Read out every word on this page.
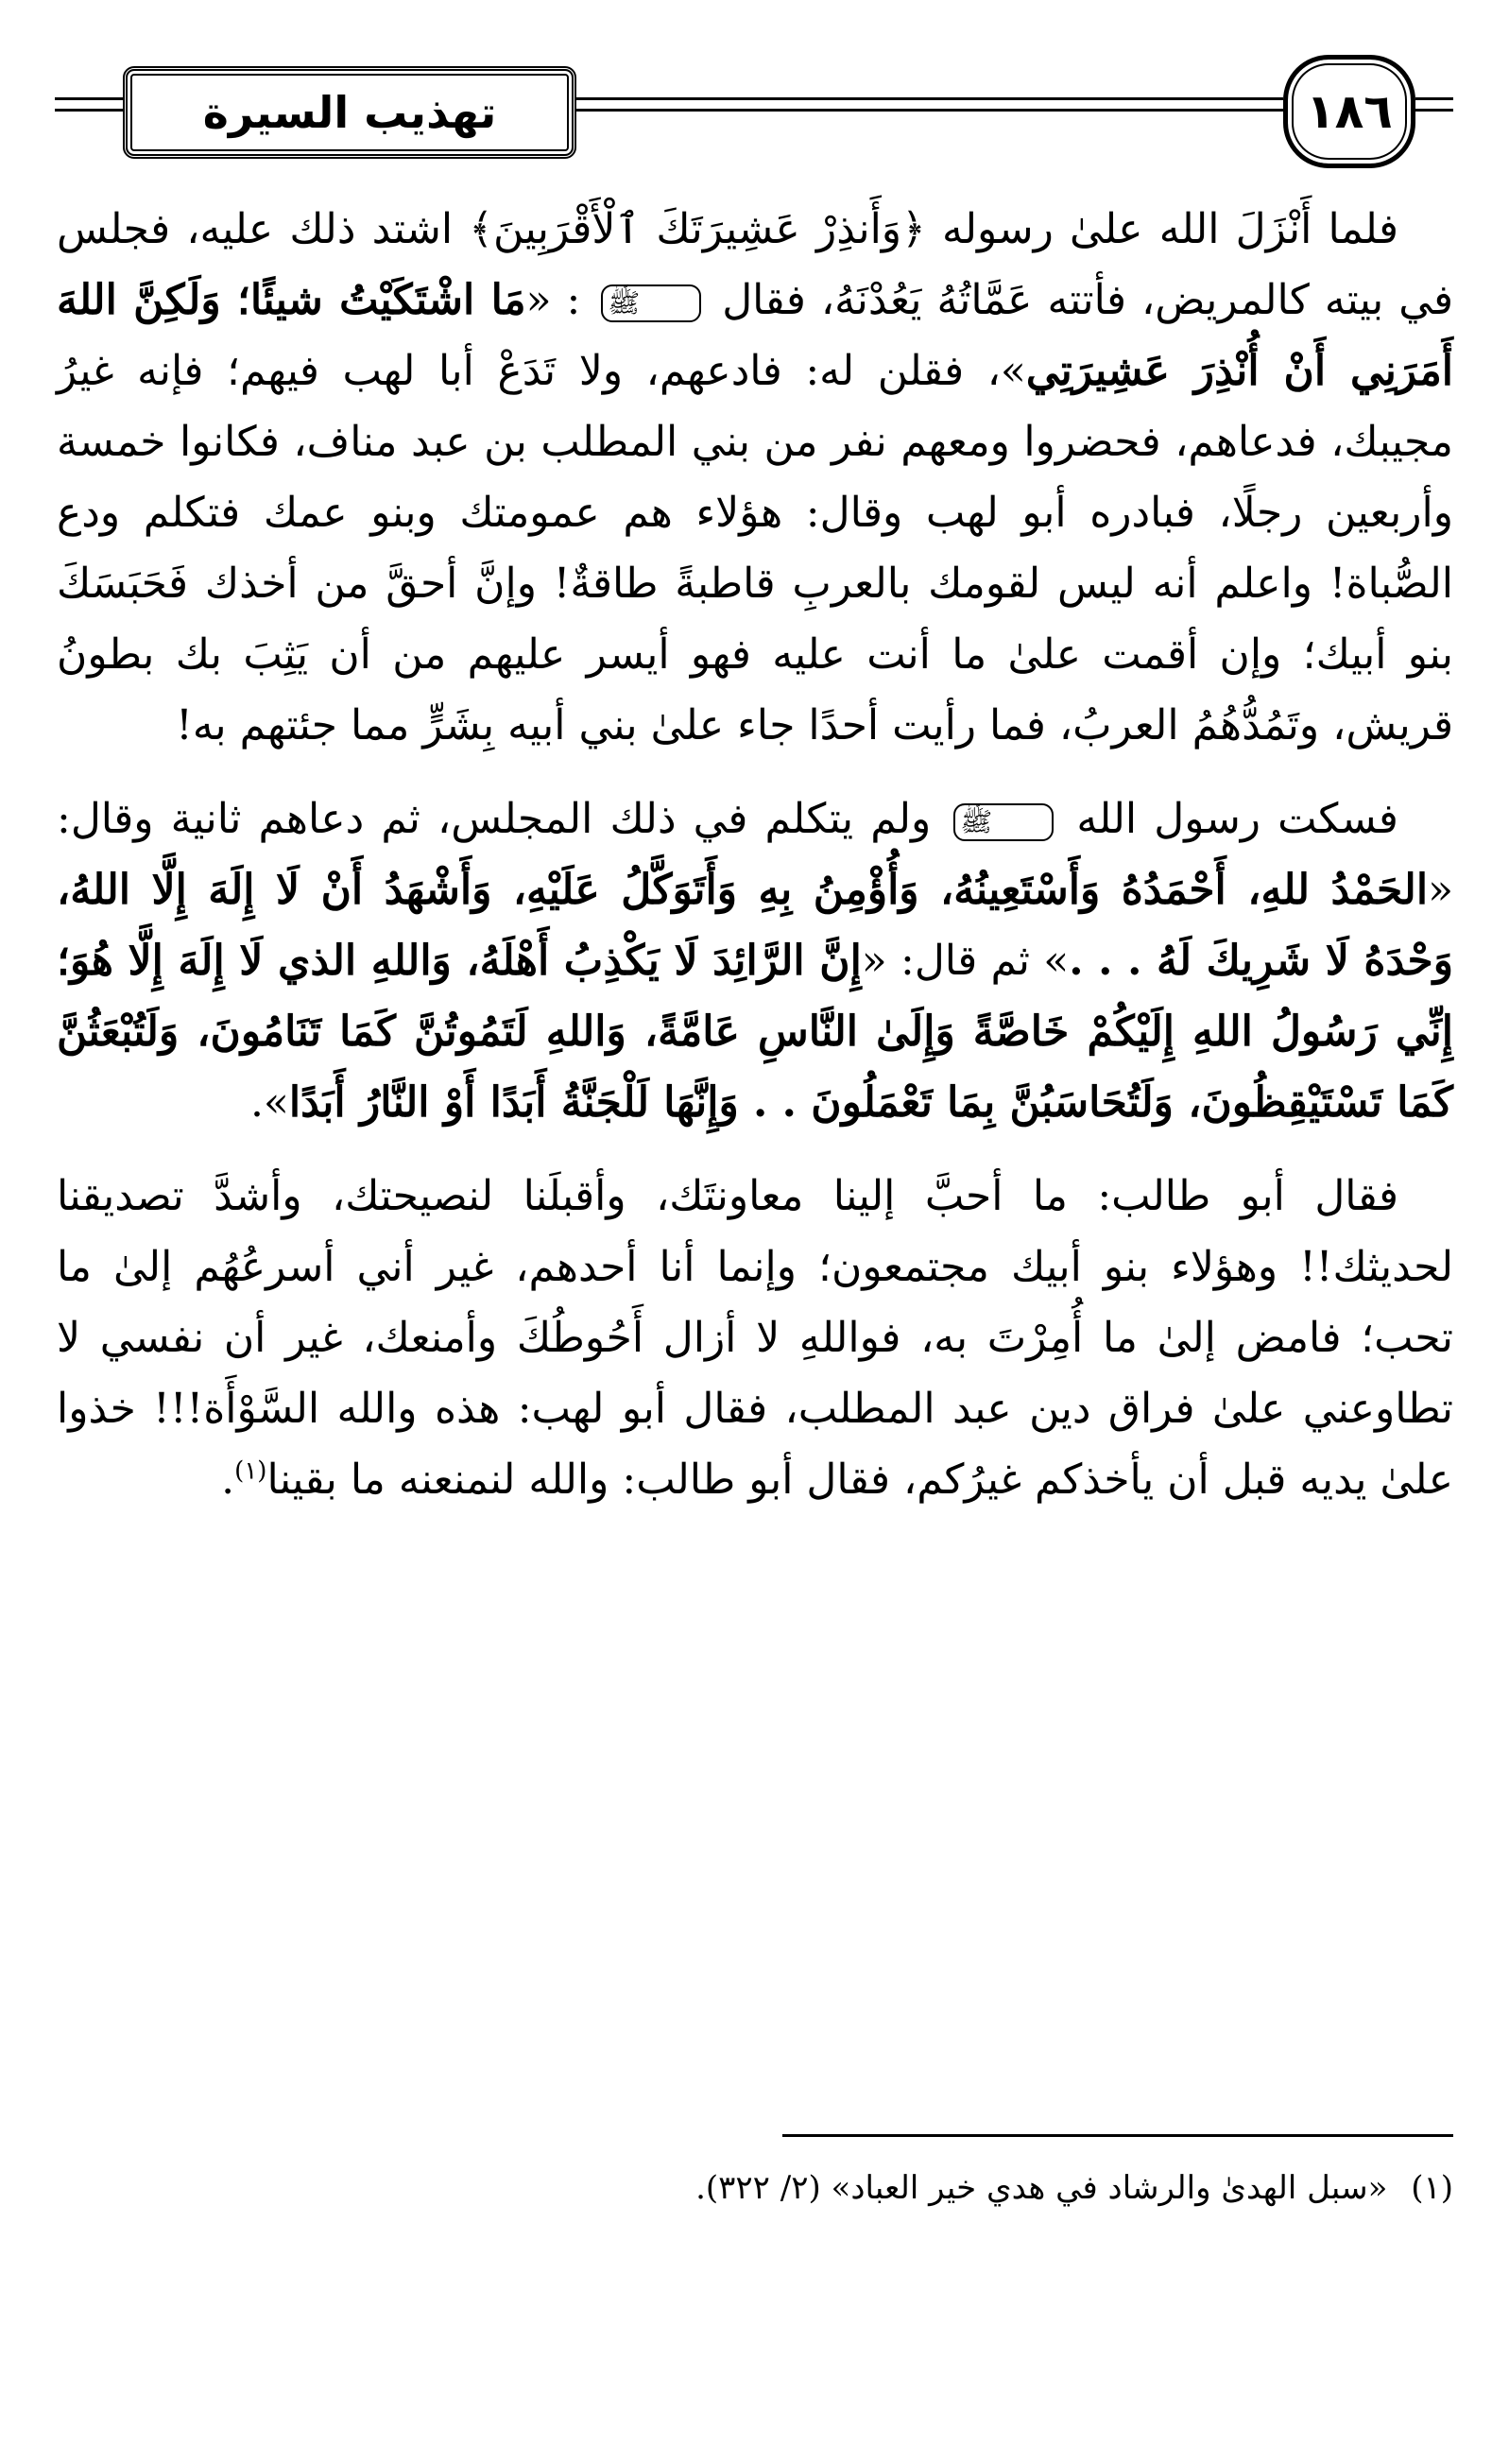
تهذيب السيرة	١٨٦

فلما أَنْزَلَ الله علىٰ رسوله ﴿وَأَنذِرْ عَشِيرَتَكَ ٱلْأَقْرَبِينَ﴾ اشتد ذلك عليه، فجلس في بيته كالمريض، فأتته عَمَّاتُهُ يَعُدْنَهُ، فقال ﷺ : «مَا اشْتَكَيْتُ شيئًا؛ وَلَكِنَّ اللهَ أَمَرَنِي أَنْ أُنْذِرَ عَشِيرَتِي»، فقلن له: فادعهم، ولا تَدَعْ أبا لهب فيهم؛ فإنه غيرُ مجيبك، فدعاهم، فحضروا ومعهم نفر من بني المطلب بن عبد مناف، فكانوا خمسة وأربعين رجلًا، فبادره أبو لهب وقال: هؤلاء هم عمومتك وبنو عمك فتكلم ودع الصُّباة! واعلم أنه ليس لقومك بالعربِ قاطبةً طاقةٌ! وإنَّ أحقَّ من أخذك فَحَبَسَكَ بنو أبيك؛ وإن أقمت علىٰ ما أنت عليه فهو أيسر عليهم من أن يَثِبَ بك بطونُ قريش، وتَمُدُّهُمُ العربُ، فما رأيت أحدًا جاء علىٰ بني أبيه بِشَرٍّ مما جئتهم به!

فسكت رسول الله ﷺ ولم يتكلم في ذلك المجلس، ثم دعاهم ثانية وقال: «الحَمْدُ للهِ، أَحْمَدُهُ وَأَسْتَعِينُهُ، وَأُؤْمِنُ بِهِ وَأَتَوَكَّلُ عَلَيْهِ، وَأَشْهَدُ أَنْ لَا إِلَهَ إِلَّا اللهُ، وَحْدَهُ لَا شَرِيكَ لَهُ . . .» ثم قال: «إِنَّ الرَّائِدَ لَا يَكْذِبُ أَهْلَهُ، وَاللهِ الذي لَا إِلَهَ إِلَّا هُوَ؛ إِنِّي رَسُولُ اللهِ إِلَيْكُمْ خَاصَّةً وَإِلَىٰ النَّاسِ عَامَّةً، وَاللهِ لَتَمُوتُنَّ كَمَا تَنَامُونَ، وَلَتُبْعَثُنَّ كَمَا تَسْتَيْقِظُونَ، وَلَتُحَاسَبُنَّ بِمَا تَعْمَلُونَ . . وَإِنَّهَا لَلْجَنَّةُ أَبَدًا أَوْ النَّارُ أَبَدًا».

فقال أبو طالب: ما أحبَّ إلينا معاونتَك، وأقبلَنا لنصيحتك، وأشدَّ تصديقنا لحديثك!! وهؤلاء بنو أبيك مجتمعون؛ وإنما أنا أحدهم، غير أني أسرعُهُم إلىٰ ما تحب؛ فامض إلىٰ ما أُمِرْتَ به، فواللهِ لا أزال أَحُوطُكَ وأمنعك، غير أن نفسي لا تطاوعني علىٰ فراق دين عبد المطلب، فقال أبو لهب: هذه والله السَّوْأَة!!! خذوا علىٰ يديه قبل أن يأخذكم غيرُكم، فقال أبو طالب: والله لنمنعنه ما بقينا$^{(١)}$.

(١) «سبل الهدىٰ والرشاد في هدي خير العباد» (٢/ ٣٢٢).
